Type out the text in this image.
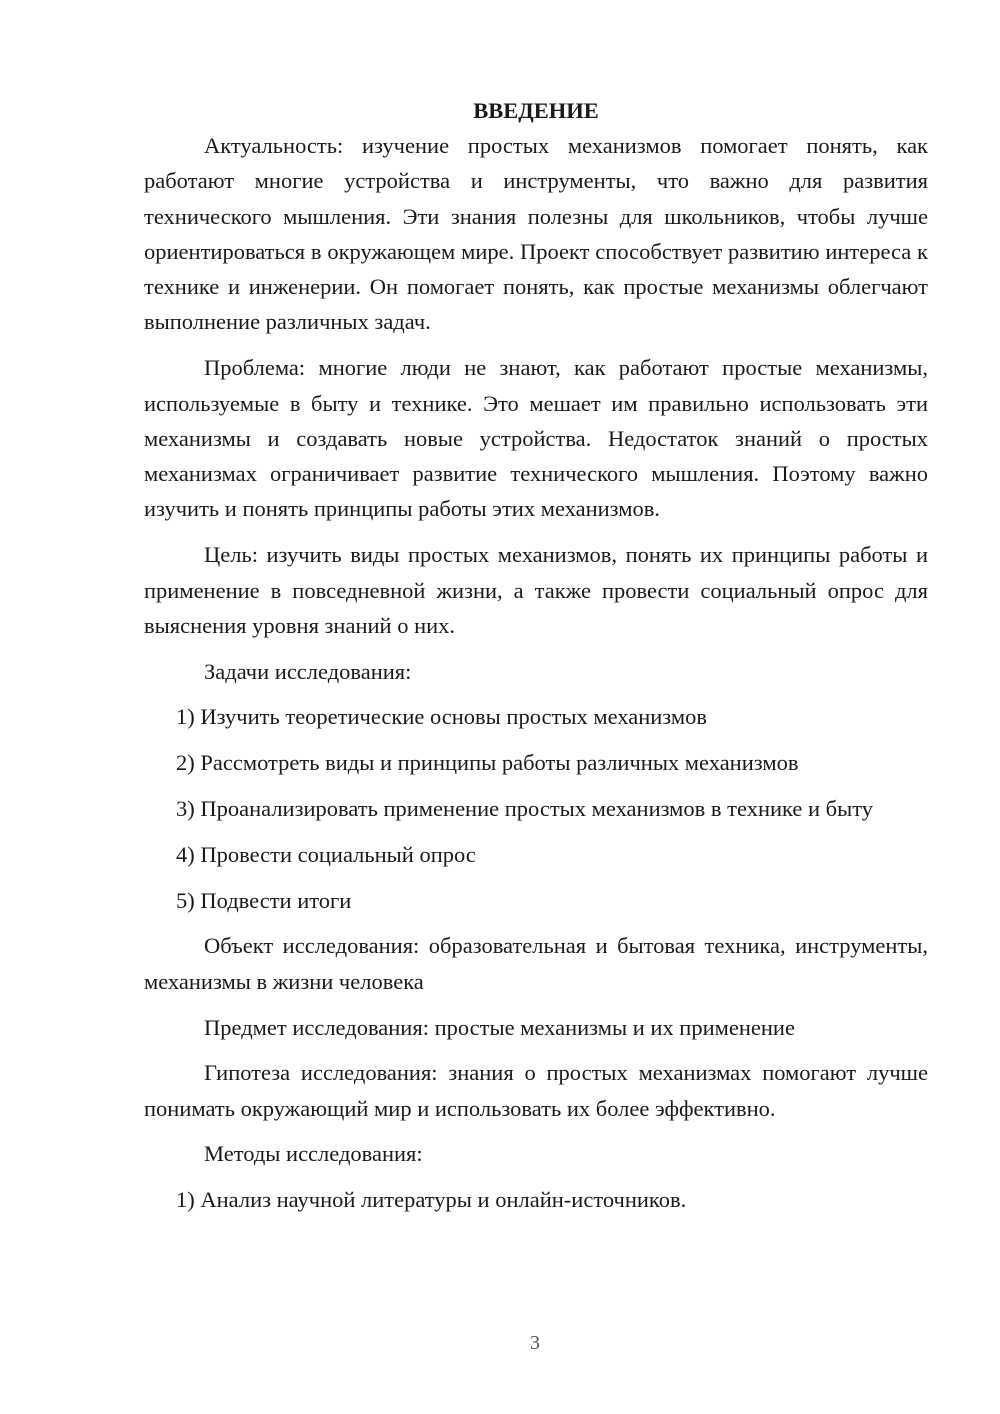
ВВЕДЕНИЕ

Актуальность: изучение простых механизмов помогает понять, как работают многие устройства и инструменты, что важно для развития технического мышления. Эти знания полезны для школьников, чтобы лучше ориентироваться в окружающем мире. Проект способствует развитию интереса к технике и инженерии. Он помогает понять, как простые механизмы облегчают выполнение различных задач.

Проблема: многие люди не знают, как работают простые механизмы, используемые в быту и технике. Это мешает им правильно использовать эти механизмы и создавать новые устройства. Недостаток знаний о простых механизмах ограничивает развитие технического мышления. Поэтому важно изучить и понять принципы работы этих механизмов.

Цель: изучить виды простых механизмов, понять их принципы работы и применение в повседневной жизни, а также провести социальный опрос для выяснения уровня знаний о них.

Задачи исследования:

1) Изучить теоретические основы простых механизмов

2) Рассмотреть виды и принципы работы различных механизмов

3) Проанализировать применение простых механизмов в технике и быту

4) Провести социальный опрос

5) Подвести итоги

Объект исследования: образовательная и бытовая техника, инструменты, механизмы в жизни человека

Предмет исследования: простые механизмы и их применение

Гипотеза исследования: знания о простых механизмах помогают лучше понимать окружающий мир и использовать их более эффективно.

Методы исследования:

1) Анализ научной литературы и онлайн-источников.

3
